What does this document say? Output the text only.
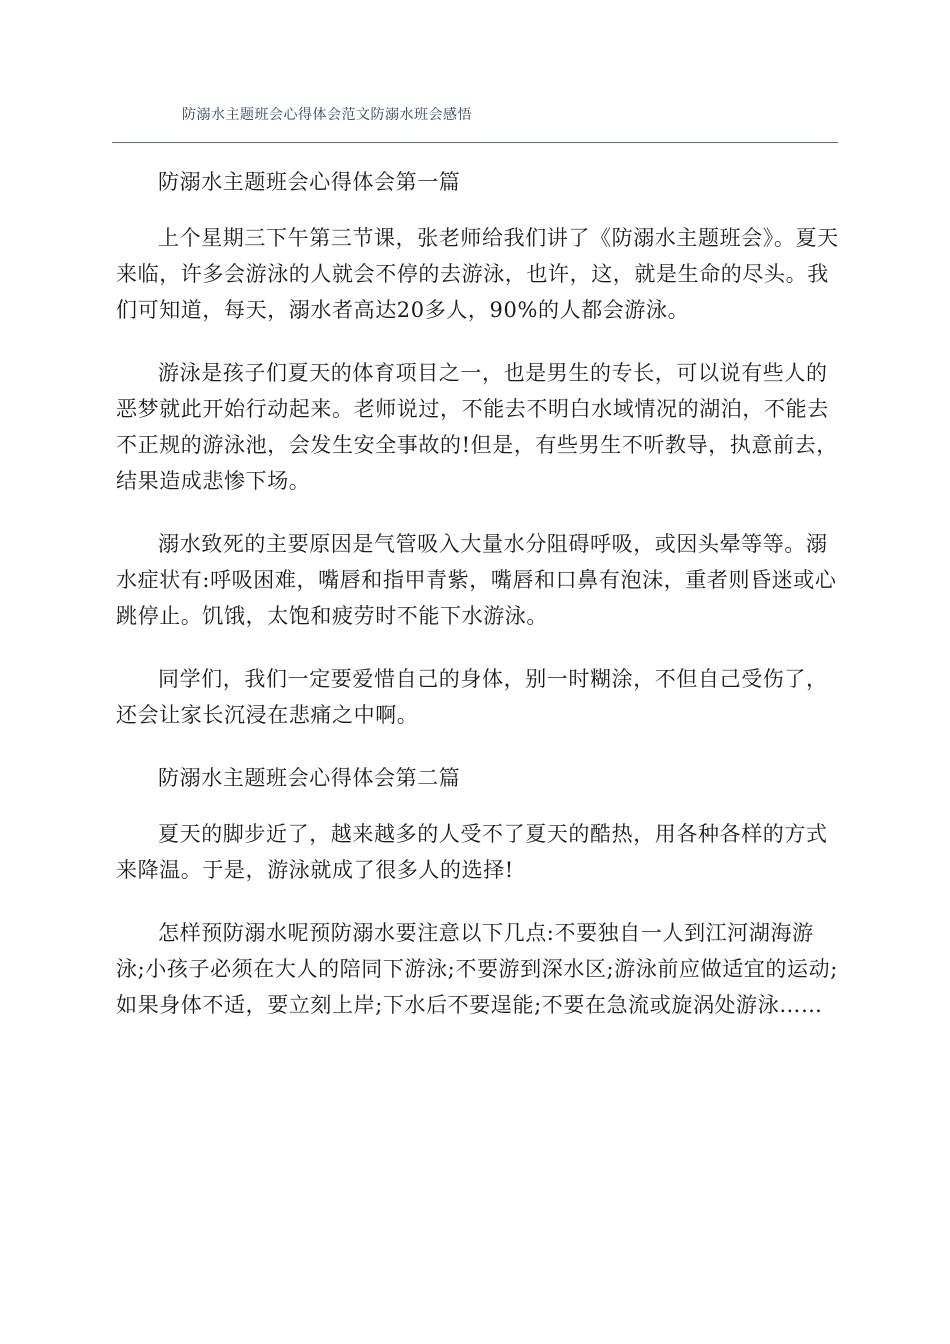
防溺水主题班会心得体会范文防溺水班会感悟

防溺水主题班会心得体会第一篇

上个星期三下午第三节课，张老师给我们讲了《防溺水主题班会》。夏天来临，许多会游泳的人就会不停的去游泳，也许，这，就是生命的尽头。我们可知道，每天，溺水者高达20多人，90%的人都会游泳。

游泳是孩子们夏天的体育项目之一，也是男生的专长，可以说有些人的恶梦就此开始行动起来。老师说过，不能去不明白水域情况的湖泊，不能去不正规的游泳池，会发生安全事故的!但是，有些男生不听教导，执意前去，结果造成悲惨下场。

溺水致死的主要原因是气管吸入大量水分阻碍呼吸，或因头晕等等。溺水症状有:呼吸困难，嘴唇和指甲青紫，嘴唇和口鼻有泡沫，重者则昏迷或心跳停止。饥饿，太饱和疲劳时不能下水游泳。

同学们，我们一定要爱惜自己的身体，别一时糊涂，不但自己受伤了，还会让家长沉浸在悲痛之中啊。

防溺水主题班会心得体会第二篇

夏天的脚步近了，越来越多的人受不了夏天的酷热，用各种各样的方式来降温。于是，游泳就成了很多人的选择!

怎样预防溺水呢预防溺水要注意以下几点:不要独自一人到江河湖海游泳;小孩子必须在大人的陪同下游泳;不要游到深水区;游泳前应做适宜的运动;如果身体不适，要立刻上岸;下水后不要逞能;不要在急流或旋涡处游泳……
